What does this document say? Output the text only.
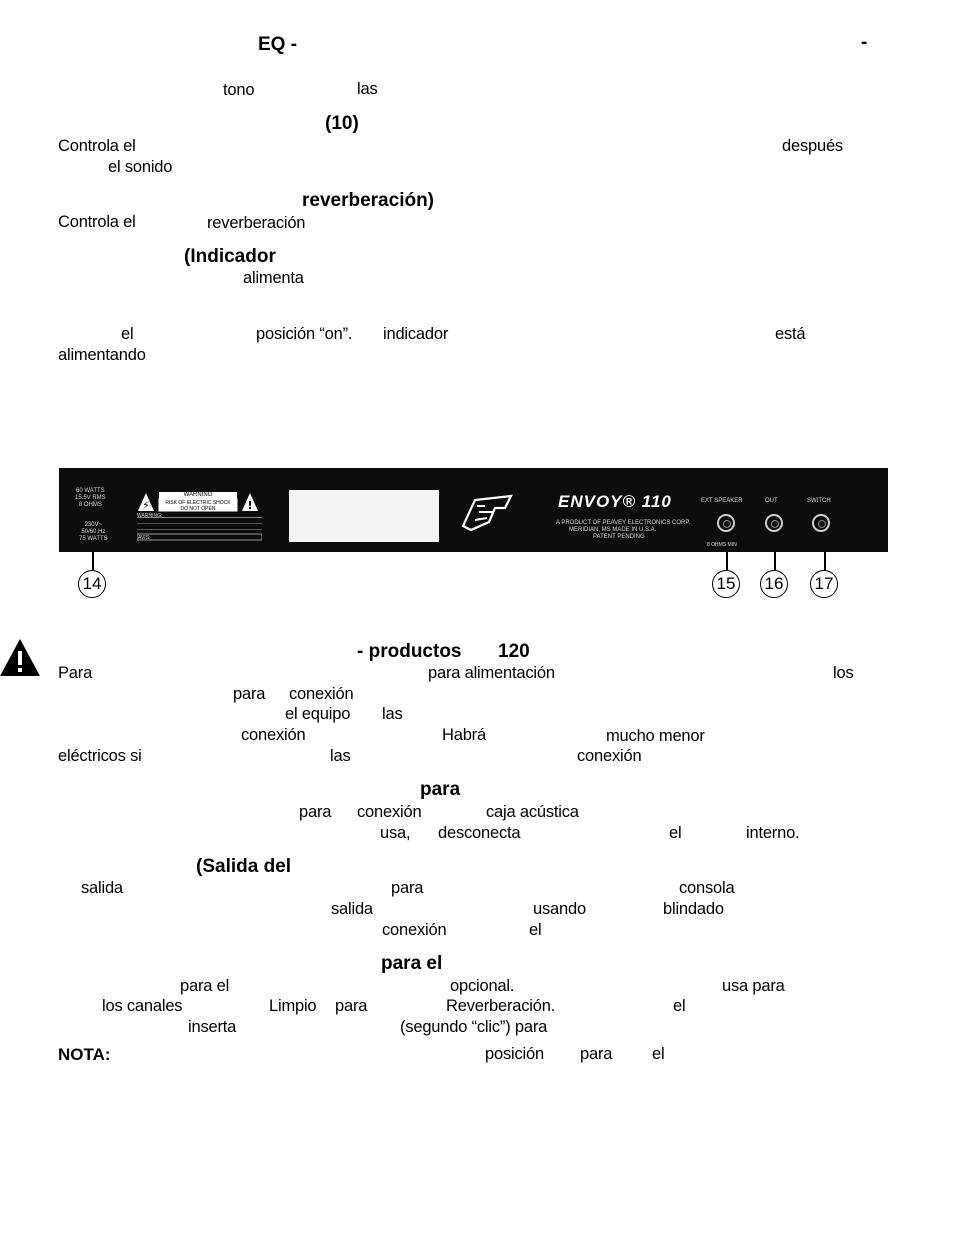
EQ -	-
tono	las
(10)
Controla el	después
el sonido
reverberación)
Controla el	reverberación
(Indicador
alimenta
el	posición “on”. indicador	está
alimentando
60 WATTS
15.5V RMS
8 OHMS
230V~
50/60 Hz
75 WATTS
⚡	!
WARNING
RISK OF ELECTRIC SHOCK
DO NOT OPEN
WARNING:
AVIS:
ENVOY® 110
A PRODUCT OF PEAVEY ELECTRONICS CORP.
MERIDIAN, MS MADE IN U.S.A.
PATENT PENDING
EXT SPEAKER	OUT	SWITCH
8 OHMS MIN
14	15 16 17
- productos 120
Para	para alimentación	los
para conexión
el equipo las
conexión	Habrá	mucho menor
eléctricos si	las	conexión
para
para conexión	caja acústica
usa, desconecta	el	interno.
(Salida del
salida	para	consola
salida	usando	blindado
conexión	el
para el
para el	opcional.	usa para
los canales	Limpio para	Reverberación.	el
inserta	(segundo “clic”) para
NOTA:	posición para el
